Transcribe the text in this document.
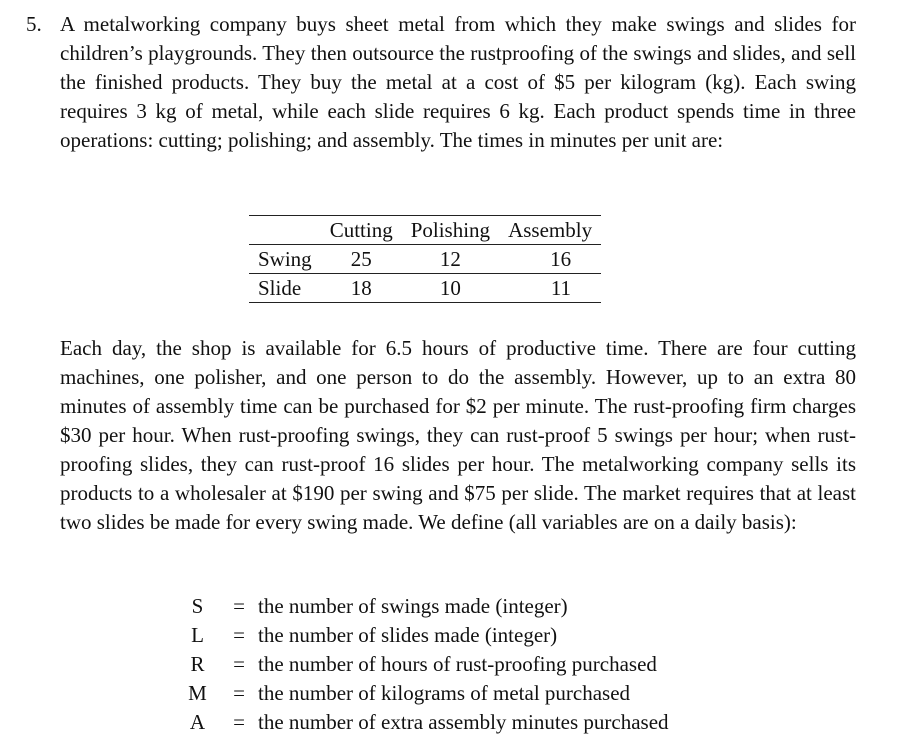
5. A metalworking company buys sheet metal from which they make swings and slides for children’s playgrounds. They then outsource the rustproofing of the swings and slides, and sell the finished products. They buy the metal at a cost of $5 per kilogram (kg). Each swing requires 3 kg of metal, while each slide requires 6 kg. Each product spends time in three operations: cutting; polishing; and assembly. The times in minutes per unit are:

	Cutting	Polishing	Assembly
Swing	25	12	16
Slide	18	10	11

Each day, the shop is available for 6.5 hours of productive time. There are four cutting machines, one polisher, and one person to do the assembly. However, up to an extra 80 minutes of assembly time can be purchased for $2 per minute. The rust-proofing firm charges $30 per hour. When rust-proofing swings, they can rust-proof 5 swings per hour; when rust-proofing slides, they can rust-proof 16 slides per hour. The metalworking company sells its products to a wholesaler at $190 per swing and $75 per slide. The market requires that at least two slides be made for every swing made. We define (all variables are on a daily basis):

S	= the number of swings made (integer)
L	= the number of slides made (integer)
R	= the number of hours of rust-proofing purchased
M	= the number of kilograms of metal purchased
A	= the number of extra assembly minutes purchased
